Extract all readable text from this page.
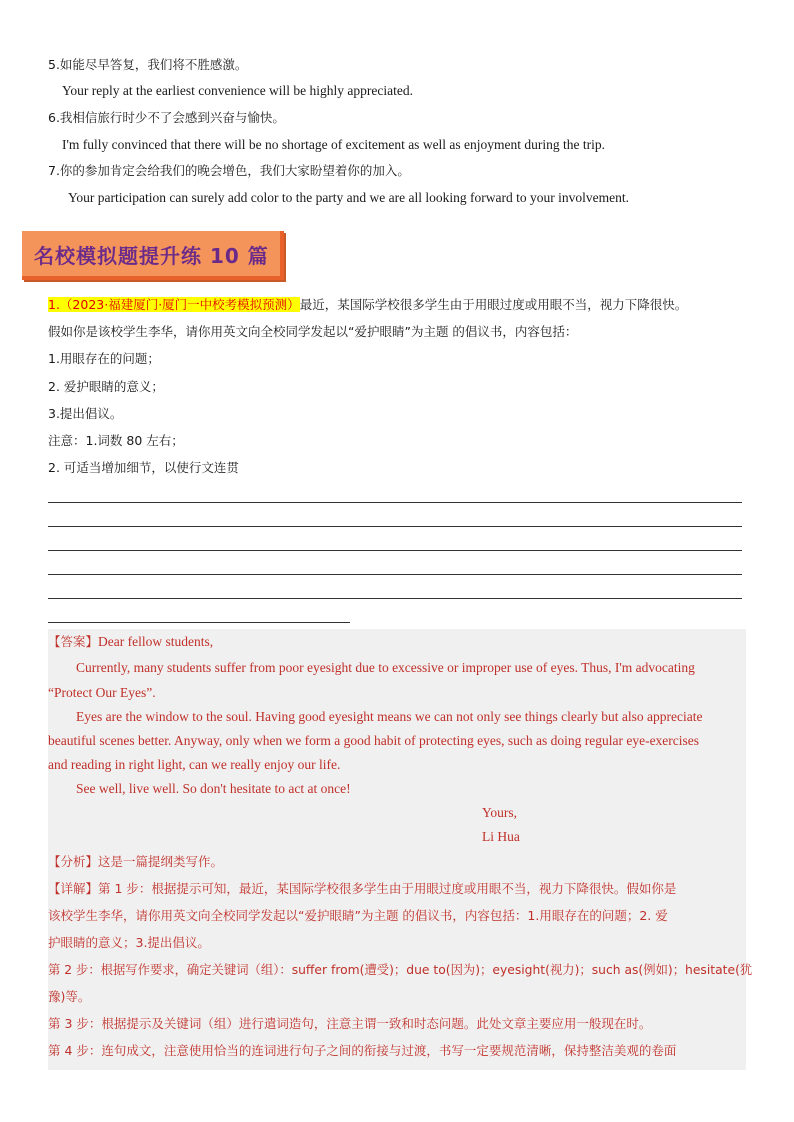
5.如能尽早答复，我们将不胜感激。
Your reply at the earliest convenience will be highly appreciated.
6.我相信旅行时少不了会感到兴奋与愉快。
I'm fully convinced that there will be no shortage of excitement as well as enjoyment during the trip.
7.你的参加肯定会给我们的晚会增色，我们大家盼望着你的加入。
Your participation can surely add color to the party and we are all looking forward to your involvement.
名校模拟题提升练 10 篇
1.（2023·福建厦门·厦门一中校考模拟预测）最近，某国际学校很多学生由于用眼过度或用眼不当，视力下降很快。
假如你是该校学生李华，请你用英文向全校同学发起以“爱护眼睛”为主题 的倡议书，内容包括：
1.用眼存在的问题；
2. 爱护眼睛的意义；
3.提出倡议。
注意：1.词数 80 左右；
2. 可适当增加细节，以使行文连贯
【答案】Dear fellow students,
Currently, many students suffer from poor eyesight due to excessive or improper use of eyes. Thus, I'm advocating
“Protect Our Eyes”.
Eyes are the window to the soul. Having good eyesight means we can not only see things clearly but also appreciate
beautiful scenes better. Anyway, only when we form a good habit of protecting eyes, such as doing regular eye-exercises
and reading in right light, can we really enjoy our life.
See well, live well. So don't hesitate to act at once!
Yours,
Li Hua
【分析】这是一篇提纲类写作。
【详解】第 1 步：根据提示可知，最近，某国际学校很多学生由于用眼过度或用眼不当，视力下降很快。假如你是
该校学生李华，请你用英文向全校同学发起以“爱护眼睛”为主题 的倡议书，内容包括：1.用眼存在的问题；2. 爱
护眼睛的意义；3.提出倡议。
第 2 步：根据写作要求，确定关键词（组）：suffer from(遭受)；due to(因为)；eyesight(视力)；such as(例如)；hesitate(犹
豫)等。
第 3 步：根据提示及关键词（组）进行遣词造句，注意主谓一致和时态问题。此处文章主要应用一般现在时。
第 4 步：连句成文，注意使用恰当的连词进行句子之间的衔接与过渡，书写一定要规范清晰，保持整洁美观的卷面
